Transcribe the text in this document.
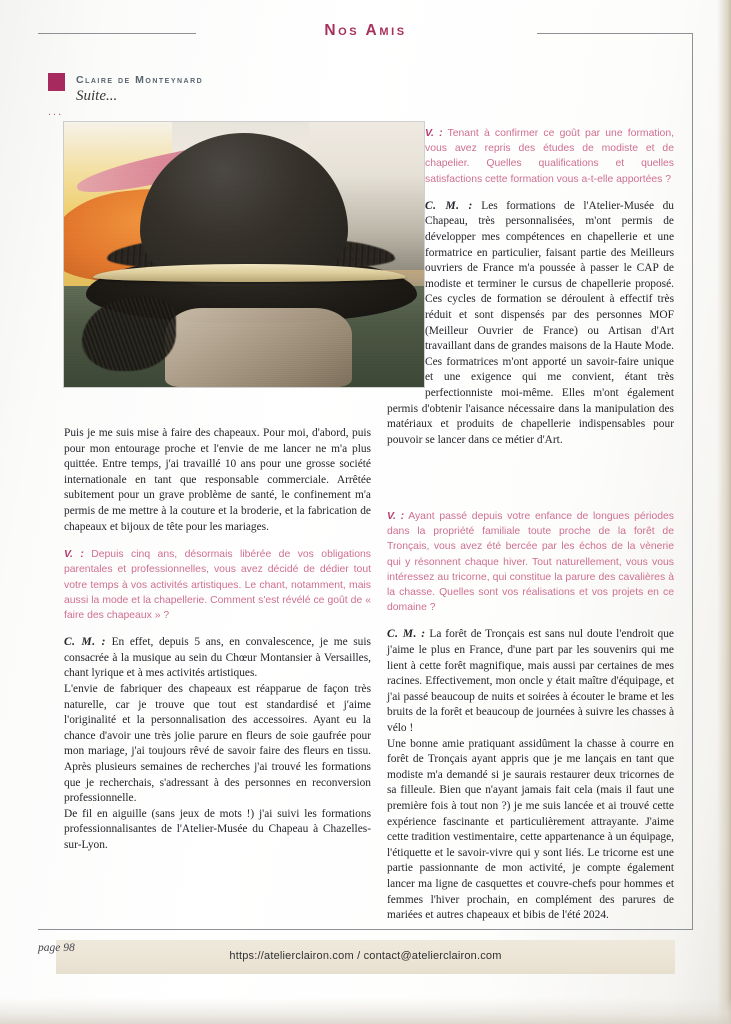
Nos Amis
Claire de Monteynard
Suite...
...

Puis je me suis mise à faire des chapeaux. Pour moi, d'abord, puis pour mon entourage proche et l'envie de me lancer ne m'a plus quittée. Entre temps, j'ai travaillé 10 ans pour une grosse société internationale en tant que responsable commerciale. Arrêtée subitement pour un grave problème de santé, le confinement m'a permis de me mettre à la couture et la broderie, et la fabrication de chapeaux et bijoux de tête pour les mariages.

V. : Depuis cinq ans, désormais libérée de vos obligations parentales et professionnelles, vous avez décidé de dédier tout votre temps à vos activités artistiques. Le chant, notamment, mais aussi la mode et la chapellerie. Comment s'est révélé ce goût de « faire des chapeaux » ?

C. M. : En effet, depuis 5 ans, en convalescence, je me suis consacrée à la musique au sein du Chœur Montansier à Versailles, chant lyrique et à mes activités artistiques.

L'envie de fabriquer des chapeaux est réapparue de façon très naturelle, car je trouve que tout est standardisé et j'aime l'originalité et la personnalisation des accessoires. Ayant eu la chance d'avoir une très jolie parure en fleurs de soie gaufrée pour mon mariage, j'ai toujours rêvé de savoir faire des fleurs en tissu. Après plusieurs semaines de recherches j'ai trouvé les formations que je recherchais, s'adressant à des personnes en reconversion professionnelle.

De fil en aiguille (sans jeux de mots !) j'ai suivi les formations professionnalisantes de l'Atelier-Musée du Chapeau à Chazelles-sur-Lyon.

V. : Tenant à confirmer ce goût par une formation, vous avez repris des études de modiste et de chapelier. Quelles qualifications et quelles satisfactions cette formation vous a-t-elle apportées ?

C. M. : Les formations de l'Atelier-Musée du Chapeau, très personnalisées, m'ont permis de développer mes compétences en chapellerie et une formatrice en particulier, faisant partie des Meilleurs ouvriers de France m'a poussée à passer le CAP de modiste et terminer le cursus de chapellerie proposé. Ces cycles de formation se déroulent à effectif très réduit et sont dispensés par des personnes MOF (Meilleur Ouvrier de France) ou Artisan d'Art travaillant dans de grandes maisons de la Haute Mode. Ces formatrices m'ont apporté un savoir-faire unique et une exigence qui me convient, étant très perfectionniste moi-même. Elles m'ont également permis d'obtenir l'aisance nécessaire dans la manipulation des matériaux et produits de chapellerie indispensables pour pouvoir se lancer dans ce métier d'Art.

V. : Ayant passé depuis votre enfance de longues périodes dans la propriété familiale toute proche de la forêt de Tronçais, vous avez été bercée par les échos de la vènerie qui y résonnent chaque hiver. Tout naturellement, vous vous intéressez au tricorne, qui constitue la parure des cavalières à la chasse. Quelles sont vos réalisations et vos projets en ce domaine ?

C. M. : La forêt de Tronçais est sans nul doute l'endroit que j'aime le plus en France, d'une part par les souvenirs qui me lient à cette forêt magnifique, mais aussi par certaines de mes racines. Effectivement, mon oncle y était maître d'équipage, et j'ai passé beaucoup de nuits et soirées à écouter le brame et les bruits de la forêt et beaucoup de journées à suivre les chasses à vélo !

Une bonne amie pratiquant assidûment la chasse à courre en forêt de Tronçais ayant appris que je me lançais en tant que modiste m'a demandé si je saurais restaurer deux tricornes de sa filleule. Bien que n'ayant jamais fait cela (mais il faut une première fois à tout non ?) je me suis lancée et ai trouvé cette expérience fascinante et particulièrement attrayante. J'aime cette tradition vestimentaire, cette appartenance à un équipage, l'étiquette et le savoir-vivre qui y sont liés. Le tricorne est une partie passionnante de mon activité, je compte également lancer ma ligne de casquettes et couvre-chefs pour hommes et femmes l'hiver prochain, en complément des parures de mariées et autres chapeaux et bibis de l'été 2024.

https://atelierclairon.com / contact@atelierclairon.com
page 98
